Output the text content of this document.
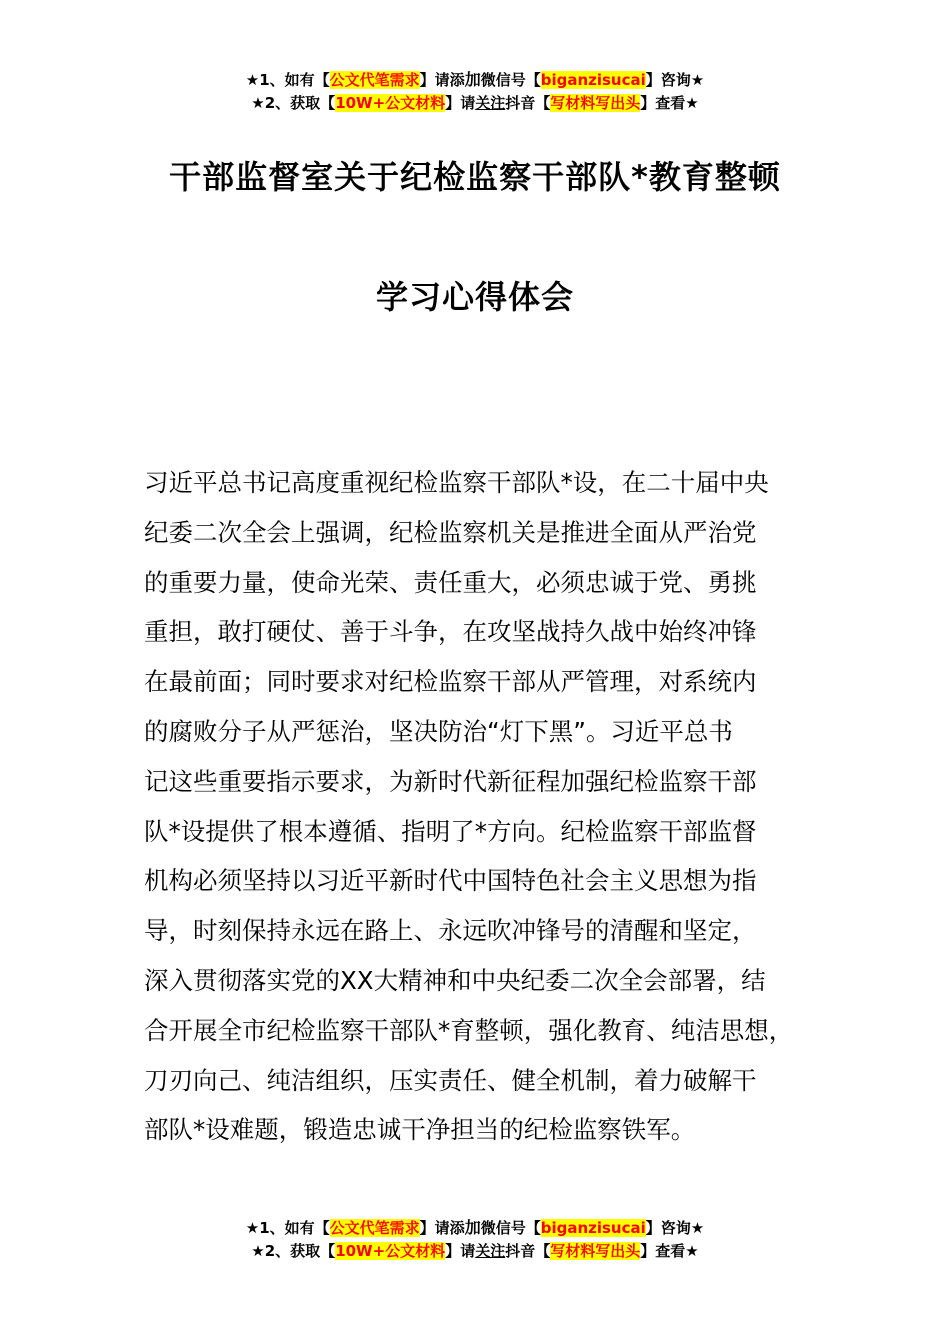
★1、如有【公文代笔需求】请添加微信号【biganzisucai】咨询★
★2、获取【10W+公文材料】请关注抖音【写材料写出头】查看★
干部监督室关于纪检监察干部队*教育整顿
学习心得体会
习近平总书记高度重视纪检监察干部队*设，在二十届中央
纪委二次全会上强调，纪检监察机关是推进全面从严治党
的重要力量，使命光荣、责任重大，必须忠诚于党、勇挑
重担，敢打硬仗、善于斗争，在攻坚战持久战中始终冲锋
在最前面；同时要求对纪检监察干部从严管理，对系统内
的腐败分子从严惩治，坚决防治“灯下黑”。习近平总书
记这些重要指示要求，为新时代新征程加强纪检监察干部
队*设提供了根本遵循、指明了*方向。纪检监察干部监督
机构必须坚持以习近平新时代中国特色社会主义思想为指
导，时刻保持永远在路上、永远吹冲锋号的清醒和坚定，
深入贯彻落实党的XX大精神和中央纪委二次全会部署，结
合开展全市纪检监察干部队*育整顿，强化教育、纯洁思想，
刀刃向己、纯洁组织，压实责任、健全机制，着力破解干
部队*设难题，锻造忠诚干净担当的纪检监察铁军。
★1、如有【公文代笔需求】请添加微信号【biganzisucai】咨询★
★2、获取【10W+公文材料】请关注抖音【写材料写出头】查看★
